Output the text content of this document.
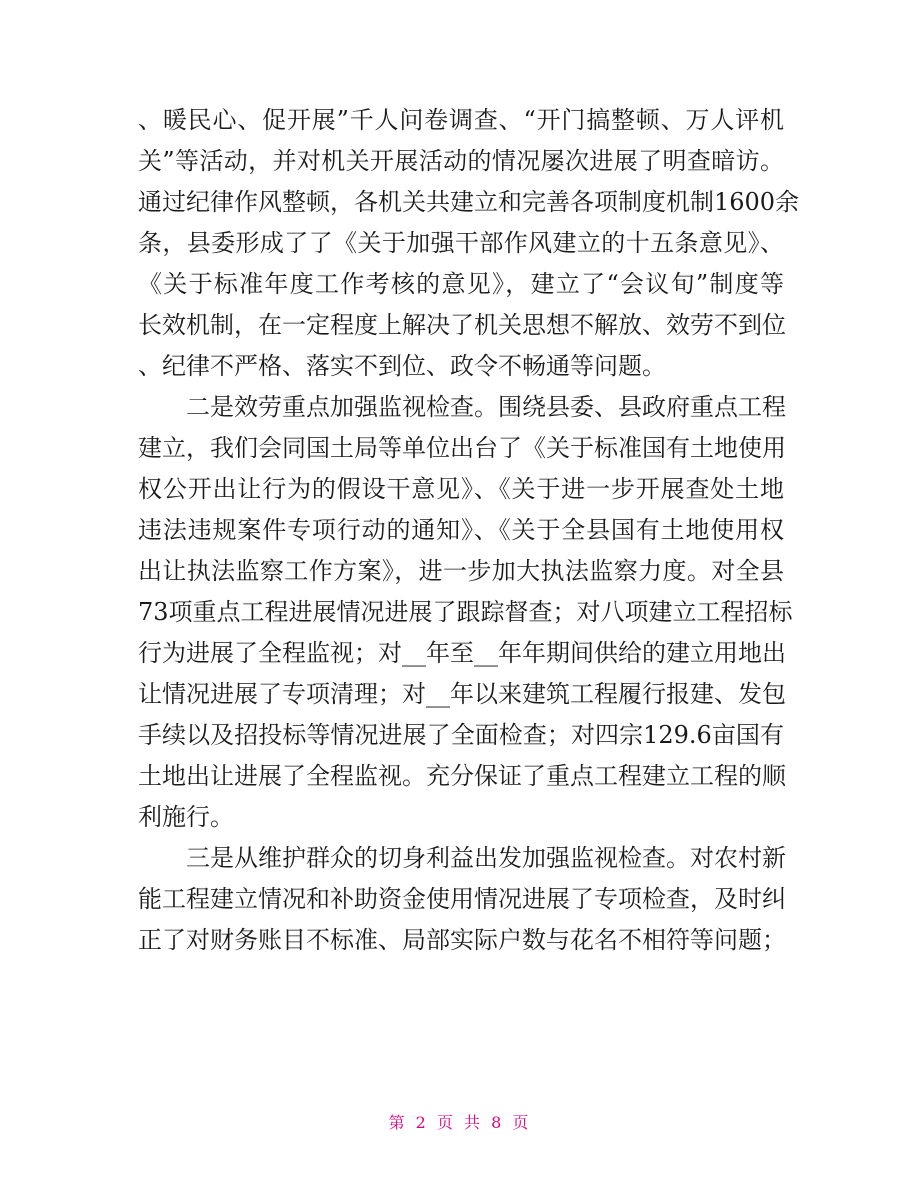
、暖民心、促开展”千人问卷调查、“开门搞整顿、万人评机
关”等活动，并对机关开展活动的情况屡次进展了明查暗访。
通过纪律作风整顿，各机关共建立和完善各项制度机制1600余
条，县委形成了了《关于加强干部作风建立的十五条意见》、
《关于标准年度工作考核的意见》，建立了“会议旬”制度等
长效机制，在一定程度上解决了机关思想不解放、效劳不到位
、纪律不严格、落实不到位、政令不畅通等问题。
　　二是效劳重点加强监视检查。围绕县委、县政府重点工程
建立，我们会同国土局等单位出台了《关于标准国有土地使用
权公开出让行为的假设干意见》、《关于进一步开展查处土地
违法违规案件专项行动的通知》、《关于全县国有土地使用权
出让执法监察工作方案》，进一步加大执法监察力度。对全县
73项重点工程进展情况进展了跟踪督查；对八项建立工程招标
行为进展了全程监视；对__年至__年年期间供给的建立用地出
让情况进展了专项清理；对__年以来建筑工程履行报建、发包
手续以及招投标等情况进展了全面检查；对四宗129.6亩国有
土地出让进展了全程监视。充分保证了重点工程建立工程的顺
利施行。
　　三是从维护群众的切身利益出发加强监视检查。对农村新
能工程建立情况和补助资金使用情况进展了专项检查，及时纠
正了对财务账目不标准、局部实际户数与花名不相符等问题；
第 2 页 共 8 页
